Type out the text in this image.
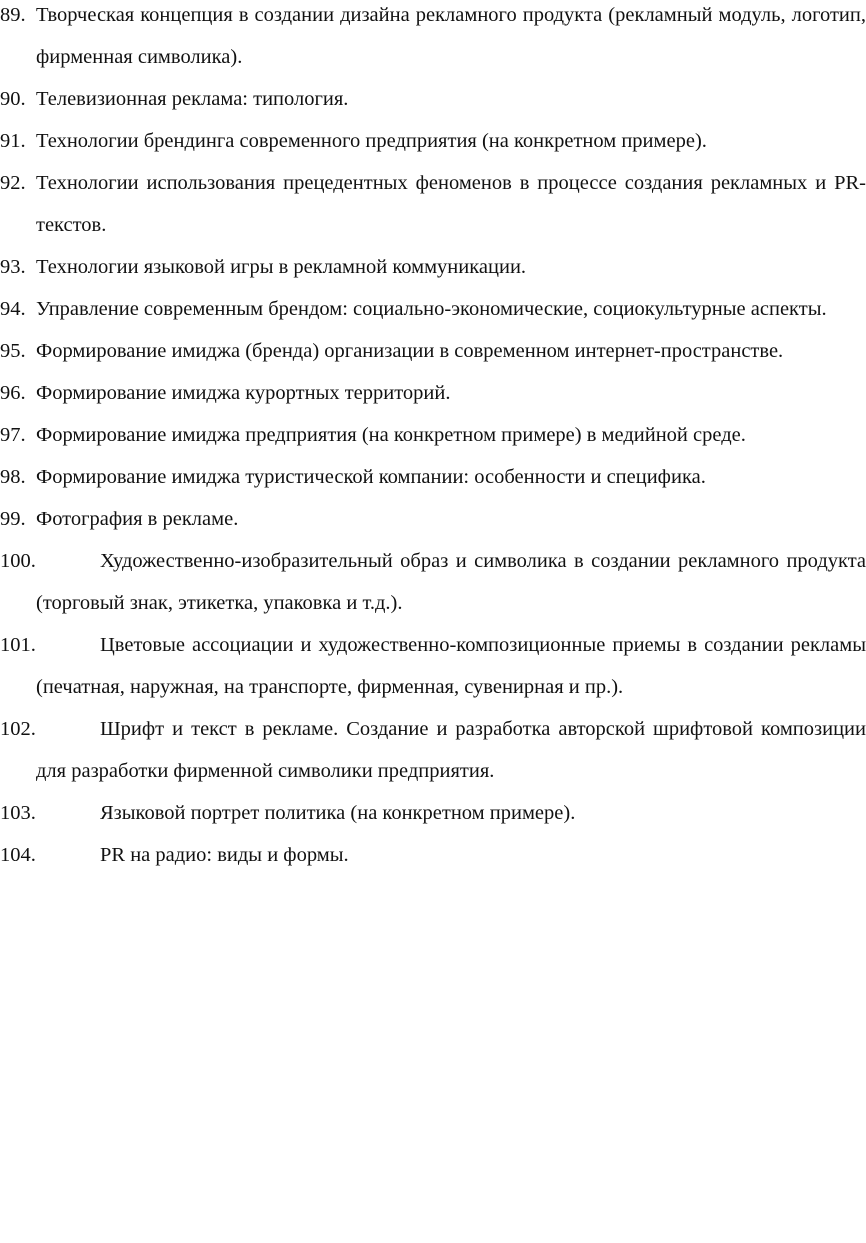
89. Творческая концепция в создании дизайна рекламного продукта (рекламный модуль, логотип, фирменная символика).
90. Телевизионная реклама: типология.
91. Технологии брендинга современного предприятия (на конкретном примере).
92. Технологии использования прецедентных феноменов в процессе создания рекламных и PR-текстов.
93. Технологии языковой игры в рекламной коммуникации.
94. Управление современным брендом: социально-экономические, социокультурные аспекты.
95. Формирование имиджа (бренда) организации в современном интернет-пространстве.
96. Формирование имиджа курортных территорий.
97. Формирование имиджа предприятия (на конкретном примере) в медийной среде.
98. Формирование имиджа туристической компании: особенности и специфика.
99. Фотография в рекламе.
100.	Художественно-изобразительный образ и символика в создании рекламного продукта (торговый знак, этикетка, упаковка и т.д.).
101.	Цветовые ассоциации и художественно-композиционные приемы в создании рекламы (печатная, наружная, на транспорте, фирменная, сувенирная и пр.).
102.	Шрифт и текст в рекламе. Создание и разработка авторской шрифтовой композиции для разработки фирменной символики предприятия.
103.	Языковой портрет политика (на конкретном примере).
104.	PR на радио: виды и формы.
